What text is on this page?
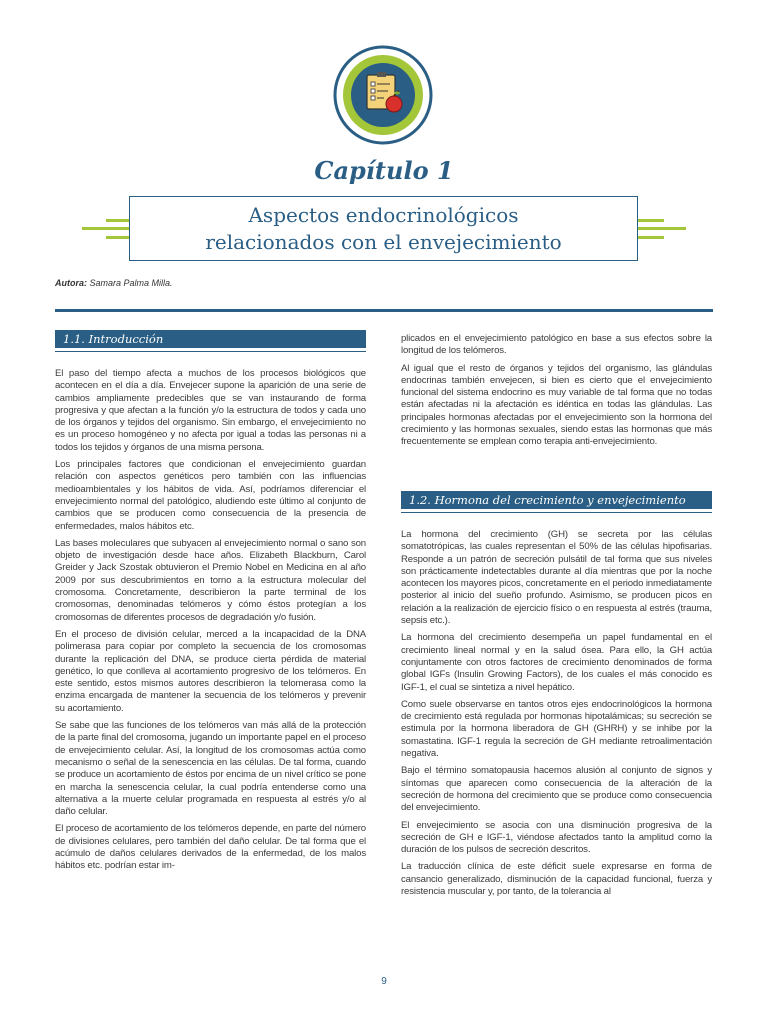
Capítulo 1
Aspectos endocrinológicos
relacionados con el envejecimiento
Autora: Samara Palma Milla.
1.1. Introducción

El paso del tiempo afecta a muchos de los procesos biológicos que acontecen en el día a día. Envejecer supone la aparición de una serie de cambios ampliamente predecibles que se van instaurando de forma progresiva y que afectan a la función y/o la estructura de todos y cada uno de los órganos y tejidos del organismo. Sin embargo, el envejecimiento no es un proceso homogéneo y no afecta por igual a todas las personas ni a todos los tejidos y órganos de una misma persona.

Los principales factores que condicionan el envejecimiento guardan relación con aspectos genéticos pero también con las influencias medioambientales y los hábitos de vida. Así, podríamos diferenciar el envejecimiento normal del patológico, aludiendo este último al conjunto de cambios que se producen como consecuencia de la presencia de enfermedades, malos hábitos etc.

Las bases moleculares que subyacen al envejecimiento normal o sano son objeto de investigación desde hace años. Elizabeth Blackburn, Carol Greider y Jack Szostak obtuvieron el Premio Nobel en Medicina en al año 2009 por sus descubrimientos en torno a la estructura molecular del cromosoma. Concretamente, describieron la parte terminal de los cromosomas, denominadas telómeros y cómo éstos protegían a los cromosomas de diferentes procesos de degradación y/o fusión.

En el proceso de división celular, merced a la incapacidad de la DNA polimerasa para copiar por completo la secuencia de los cromosomas durante la replicación del DNA, se produce cierta pérdida de material genético, lo que conlleva al acortamiento progresivo de los telómeros. En este sentido, estos mismos autores describieron la telomerasa como la enzima encargada de mantener la secuencia de los telómeros y prevenir su acortamiento.

Se sabe que las funciones de los telómeros van más allá de la protección de la parte final del cromosoma, jugando un importante papel en el proceso de envejecimiento celular. Así, la longitud de los cromosomas actúa como mecanismo o señal de la senescencia en las células. De tal forma, cuando se produce un acortamiento de éstos por encima de un nivel crítico se pone en marcha la senescencia celular, la cual podría entenderse como una alternativa a la muerte celular programada en respuesta al estrés y/o al daño celular.

El proceso de acortamiento de los telómeros depende, en parte del número de divisiones celulares, pero también del daño celular. De tal forma que el acúmulo de daños celulares derivados de la enfermedad, de los malos hábitos etc. podrían estar im-

plicados en el envejecimiento patológico en base a sus efectos sobre la longitud de los telómeros.

Al igual que el resto de órganos y tejidos del organismo, las glándulas endocrinas también envejecen, si bien es cierto que el envejecimiento funcional del sistema endocrino es muy variable de tal forma que no todas están afectadas ni la afectación es idéntica en todas las glándulas. Las principales hormonas afectadas por el envejecimiento son la hormona del crecimiento y las hormonas sexuales, siendo estas las hormonas que más frecuentemente se emplean como terapia anti-envejecimiento.

1.2. Hormona del crecimiento y envejecimiento

La hormona del crecimiento (GH) se secreta por las células somatotrópicas, las cuales representan el 50% de las células hipofisarias. Responde a un patrón de secreción pulsátil de tal forma que sus niveles son prácticamente indetectables durante al día mientras que por la noche acontecen los mayores picos, concretamente en el periodo inmediatamente posterior al inicio del sueño profundo. Asimismo, se producen picos en relación a la realización de ejercicio físico o en respuesta al estrés (trauma, sepsis etc.).

La hormona del crecimiento desempeña un papel fundamental en el crecimiento lineal normal y en la salud ósea. Para ello, la GH actúa conjuntamente con otros factores de crecimiento denominados de forma global IGFs (Insulin Growing Factors), de los cuales el más conocido es IGF-1, el cual se sintetiza a nivel hepático.

Como suele observarse en tantos otros ejes endocrinológicos la hormona de crecimiento está regulada por hormonas hipotalámicas; su secreción se estimula por la hormona liberadora de GH (GHRH) y se inhibe por la somastatina. IGF-1 regula la secreción de GH mediante retroalimentación negativa.

Bajo el término somatopausia hacemos alusión al conjunto de signos y síntomas que aparecen como consecuencia de la alteración de la secreción de hormona del crecimiento que se produce como consecuencia del envejecimiento.

El envejecimiento se asocia con una disminución progresiva de la secreción de GH e IGF-1, viéndose afectados tanto la amplitud como la duración de los pulsos de secreción descritos.

La traducción clínica de este déficit suele expresarse en forma de cansancio generalizado, disminución de la capacidad funcional, fuerza y resistencia muscular y, por tanto, de la tolerancia al

9
